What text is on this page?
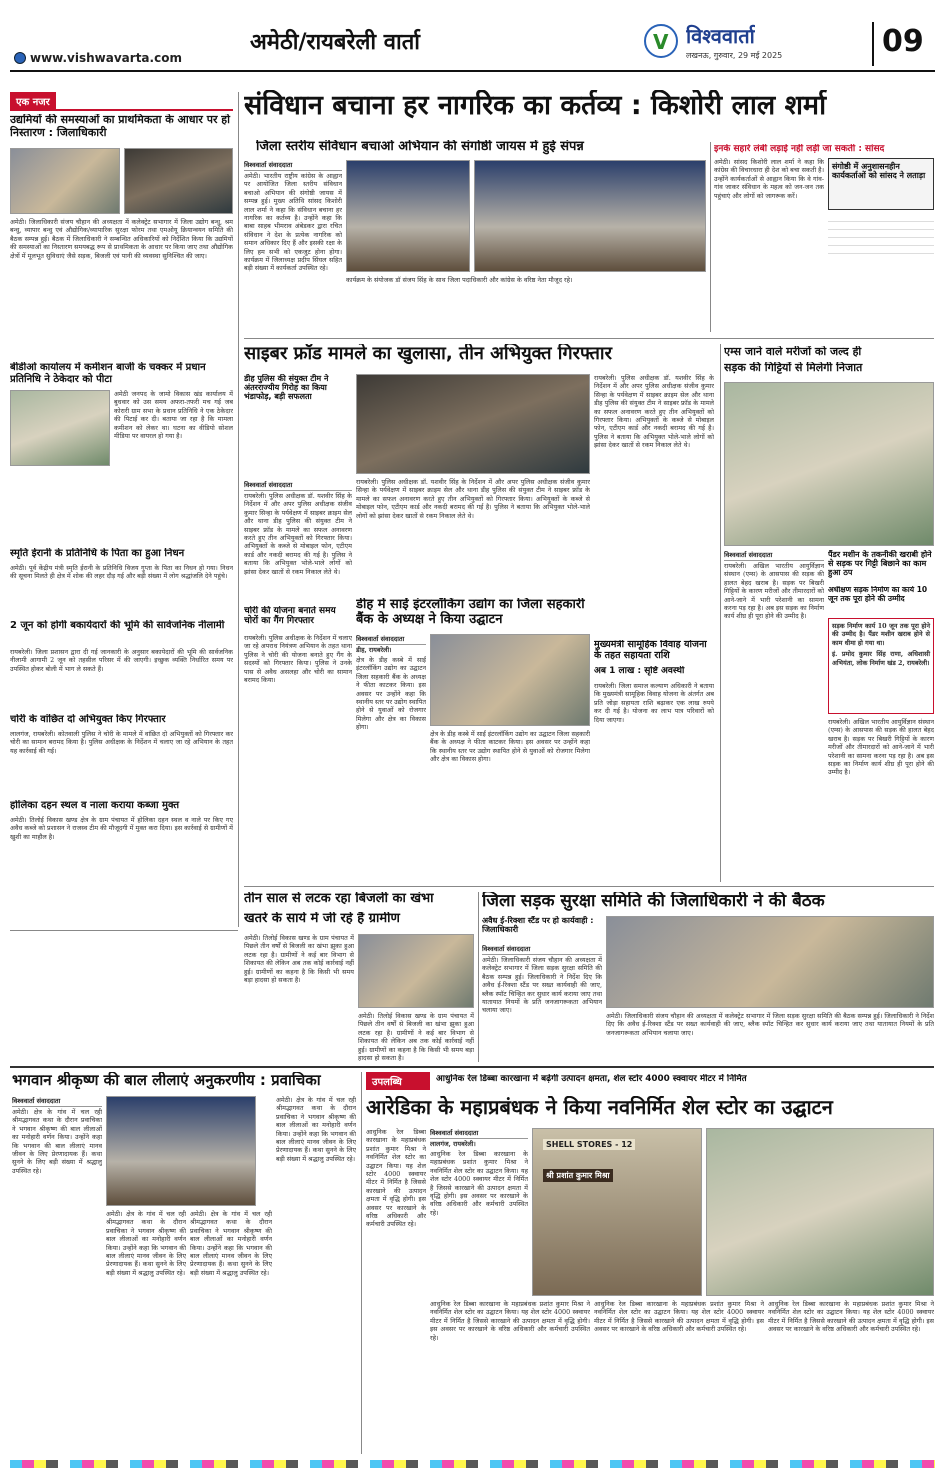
अमेठी/रायबरेली वार्ता
www.vishwavarta.com
V विश्ववार्ता
लखनऊ, गुरुवार, 29 मई 2025	09
एक नजर
उद्यमियों की समस्याओं का प्राथमिकता के आधार पर हो निस्तारण : जिलाधिकारी
अमेठी। जिलाधिकारी संजय चौहान की अध्यक्षता में कलेक्ट्रेट सभागार में जिला उद्योग बन्धु, श्रम बन्धु, व्यापार बन्धु एवं औद्योगिक/व्यापारिक सुरक्षा फोरम तथा एमओयू क्रियान्वयन समिति की बैठक सम्पन्न हुई। बैठक में जिलाधिकारी ने सम्बन्धित अधिकारियों को निर्देशित किया कि उद्यमियों की समस्याओं का निस्तारण समयबद्ध रूप से प्राथमिकता के आधार पर किया जाए तथा औद्योगिक क्षेत्रों में मूलभूत सुविधाएं जैसे सड़क, बिजली एवं पानी की व्यवस्था सुनिश्चित की जाए।
बीडीओ कार्यालय में कमीशन बाजी के चक्कर में प्रधान प्रतिनिधि ने ठेकेदार को पीटा
अमेठी जनपद के जामो विकास खंड कार्यालय में बुधवार को उस समय अफरा-तफरी मच गई जब कोरारी ग्राम सभा के प्रधान प्रतिनिधि ने एक ठेकेदार की पिटाई कर दी। बताया जा रहा है कि मामला कमीशन को लेकर था। घटना का वीडियो सोशल मीडिया पर वायरल हो गया है।
स्मृति ईरानी के प्रतिनिधि के पिता का हुआ निधन
अमेठी। पूर्व केंद्रीय मंत्री स्मृति ईरानी के प्रतिनिधि विजय गुप्ता के पिता का निधन हो गया। निधन की सूचना मिलते ही क्षेत्र में शोक की लहर दौड़ गई और बड़ी संख्या में लोग श्रद्धांजलि देने पहुंचे।
2 जून को होगी बकायेदारों की भूमि की सार्वजनिक नीलामी
रायबरेली। जिला प्रशासन द्वारा दी गई जानकारी के अनुसार बकायेदारों की भूमि की सार्वजनिक नीलामी आगामी 2 जून को तहसील परिसर में की जाएगी। इच्छुक व्यक्ति निर्धारित समय पर उपस्थित होकर बोली में भाग ले सकते हैं।
चोरी के वांछित दो अभियुक्त किए गिरफ्तार
लालगंज, रायबरेली। कोतवाली पुलिस ने चोरी के मामले में वांछित दो अभियुक्तों को गिरफ्तार कर चोरी का सामान बरामद किया है। पुलिस अधीक्षक के निर्देशन में चलाए जा रहे अभियान के तहत यह कार्रवाई की गई।
होलिका दहन स्थल व नाला कराया कब्जा मुक्त
अमेठी। तिलोई विकास खण्ड क्षेत्र के ग्राम पंचायत में होलिका दहन स्थल व नाले पर किए गए अवैध कब्जे को प्रशासन ने राजस्व टीम की मौजूदगी में मुक्त करा दिया। इस कार्रवाई से ग्रामीणों में खुशी का माहौल है।
संविधान बचाना हर नागरिक का कर्तव्य : किशोरी लाल शर्मा
जिला स्तरीय संविधान बचाओ अभियान की संगोष्ठी जायस में हुई संपन्न
विश्ववार्ता संवाददाता
अमेठी। भारतीय राष्ट्रीय कांग्रेस के आह्वान पर आयोजित जिला स्तरीय संविधान बचाओ अभियान की संगोष्ठी जायस में सम्पन्न हुई। मुख्य अतिथि सांसद किशोरी लाल शर्मा ने कहा कि संविधान बचाना हर नागरिक का कर्तव्य है। उन्होंने कहा कि बाबा साहब भीमराव अंबेडकर द्वारा रचित संविधान ने देश के प्रत्येक नागरिक को समान अधिकार दिए हैं और इसकी रक्षा के लिए हम सभी को एकजुट होना होगा। कार्यक्रम में जिलाध्यक्ष प्रदीप सिंघल सहित बड़ी संख्या में कार्यकर्ता उपस्थित रहे।
कार्यक्रम के संयोजक डॉ संजय सिंह के साथ जिला पदाधिकारी और कांग्रेस के वरिष्ठ नेता मौजूद रहे।
इनके सहारे लंबी लड़ाई नहीं लड़ी जा सकती : सांसद
अमेठी। सांसद किशोरी लाल शर्मा ने कहा कि कांग्रेस की विचारधारा ही देश को बचा सकती है। उन्होंने कार्यकर्ताओं से आह्वान किया कि वे गांव-गांव जाकर संविधान के महत्व को जन-जन तक पहुंचाएं और लोगों को जागरूक करें।
संगोष्ठी में अनुशासनहीन कार्यकर्ताओं को सांसद ने लताड़ा
साइबर फ्रॉड मामले का खुलासा, तीन अभियुक्त गिरफ्तार
डीह पुलिस की संयुक्त टीम ने अंतरराज्यीय गिरोह का किया भंडाफोड़, बड़ी सफलता
रायबरेली। पुलिस अधीक्षक डॉ. यशवीर सिंह के निर्देशन में और अपर पुलिस अधीक्षक संजीव कुमार सिन्हा के पर्यवेक्षण में साइबर क्राइम सेल और थाना डीह पुलिस की संयुक्त टीम ने साइबर फ्रॉड के मामले का सफल अनावरण करते हुए तीन अभियुक्तों को गिरफ्तार किया। अभियुक्तों के कब्जे से मोबाइल फोन, एटीएम कार्ड और नकदी बरामद की गई है। पुलिस ने बताया कि अभियुक्त भोले-भाले लोगों को झांसा देकर खातों से रकम निकाल लेते थे।
विश्ववार्ता संवाददाता
रायबरेली। पुलिस अधीक्षक डॉ. यशवीर सिंह के निर्देशन में और अपर पुलिस अधीक्षक संजीव कुमार सिन्हा के पर्यवेक्षण में साइबर क्राइम सेल और थाना डीह पुलिस की संयुक्त टीम ने साइबर फ्रॉड के मामले का सफल अनावरण करते हुए तीन अभियुक्तों को गिरफ्तार किया। अभियुक्तों के कब्जे से मोबाइल फोन, एटीएम कार्ड और नकदी बरामद की गई है। पुलिस ने बताया कि अभियुक्त भोले-भाले लोगों को झांसा देकर खातों से रकम निकाल लेते थे।
रायबरेली। पुलिस अधीक्षक डॉ. यशवीर सिंह के निर्देशन में और अपर पुलिस अधीक्षक संजीव कुमार सिन्हा के पर्यवेक्षण में साइबर क्राइम सेल और थाना डीह पुलिस की संयुक्त टीम ने साइबर फ्रॉड के मामले का सफल अनावरण करते हुए तीन अभियुक्तों को गिरफ्तार किया। अभियुक्तों के कब्जे से मोबाइल फोन, एटीएम कार्ड और नकदी बरामद की गई है। पुलिस ने बताया कि अभियुक्त भोले-भाले लोगों को झांसा देकर खातों से रकम निकाल लेते थे।
चोरी की योजना बनाते समय चोरों का गैंग गिरफ्तार
रायबरेली। पुलिस अधीक्षक के निर्देशन में चलाए जा रहे अपराध नियंत्रण अभियान के तहत थाना पुलिस ने चोरी की योजना बनाते हुए गैंग के सदस्यों को गिरफ्तार किया। पुलिस ने उनके पास से अवैध असलहा और चोरी का सामान बरामद किया।
डीह में साईं इंटरलॉकिंग उद्योग का जिला सहकारी बैंक के अध्यक्ष ने किया उद्घाटन
विश्ववार्ता संवाददाता
डीह, रायबरेली।
क्षेत्र के डीह कस्बे में साईं इंटरलॉकिंग उद्योग का उद्घाटन जिला सहकारी बैंक के अध्यक्ष ने फीता काटकर किया। इस अवसर पर उन्होंने कहा कि स्थानीय स्तर पर उद्योग स्थापित होने से युवाओं को रोजगार मिलेगा और क्षेत्र का विकास होगा।
क्षेत्र के डीह कस्बे में साईं इंटरलॉकिंग उद्योग का उद्घाटन जिला सहकारी बैंक के अध्यक्ष ने फीता काटकर किया। इस अवसर पर उन्होंने कहा कि स्थानीय स्तर पर उद्योग स्थापित होने से युवाओं को रोजगार मिलेगा और क्षेत्र का विकास होगा।
मुख्यमंत्री सामूहिक विवाह योजना के तहत सहायता राशि
अब 1 लाख : सृष्टि अवस्थी
रायबरेली। जिला समाज कल्याण अधिकारी ने बताया कि मुख्यमंत्री सामूहिक विवाह योजना के अंतर्गत अब प्रति जोड़ा सहायता राशि बढ़ाकर एक लाख रुपये कर दी गई है। योजना का लाभ पात्र परिवारों को दिया जाएगा।
एम्स जाने वाले मरीजों को जल्द ही
सड़क की गिट्टियों से मिलेगी निजात
विश्ववार्ता संवाददाता
रायबरेली। अखिल भारतीय आयुर्विज्ञान संस्थान (एम्स) के आसपास की सड़क की हालत बेहद खराब है। सड़क पर बिखरी गिट्टियों के कारण मरीजों और तीमारदारों को आने-जाने में भारी परेशानी का सामना करना पड़ रहा है। अब इस सड़क का निर्माण कार्य शीघ्र ही पूरा होने की उम्मीद है।
पैंडर मशीन के तकनीकी खराबी होने से सड़क पर गिट्टी बिछाने का काम हुआ ठप
अधीक्षण सड़क निर्माण का कार्य 10 जून तक पूरा होने की उम्मीद
सड़क निर्माण कार्य 10 जून तक पूरा होने की उम्मीद है। पैंडर मशीन खराब होने से काम धीमा हो गया था।
इं. प्रमोद कुमार सिंह राणा, अधिशासी अभियंता, लोक निर्माण खंड 2, रायबरेली।
रायबरेली। अखिल भारतीय आयुर्विज्ञान संस्थान (एम्स) के आसपास की सड़क की हालत बेहद खराब है। सड़क पर बिखरी गिट्टियों के कारण मरीजों और तीमारदारों को आने-जाने में भारी परेशानी का सामना करना पड़ रहा है। अब इस सड़क का निर्माण कार्य शीघ्र ही पूरा होने की उम्मीद है।
तीन साल से लटक रहा बिजली का खंभा
खतरे के साये में जी रहे हैं ग्रामीण
अमेठी। तिलोई विकास खण्ड के ग्राम पंचायत में पिछले तीन वर्षों से बिजली का खंभा झुका हुआ लटक रहा है। ग्रामीणों ने कई बार विभाग से शिकायत की लेकिन अब तक कोई कार्रवाई नहीं हुई। ग्रामीणों का कहना है कि किसी भी समय बड़ा हादसा हो सकता है।
अमेठी। तिलोई विकास खण्ड के ग्राम पंचायत में पिछले तीन वर्षों से बिजली का खंभा झुका हुआ लटक रहा है। ग्रामीणों ने कई बार विभाग से शिकायत की लेकिन अब तक कोई कार्रवाई नहीं हुई। ग्रामीणों का कहना है कि किसी भी समय बड़ा हादसा हो सकता है।
जिला सड़क सुरक्षा समिति की जिलाधिकारी ने की बैठक
अवैध ई-रिक्शा स्टैंड पर हो कार्यवाही : जिलाधिकारी
विश्ववार्ता संवाददाता
अमेठी। जिलाधिकारी संजय चौहान की अध्यक्षता में कलेक्ट्रेट सभागार में जिला सड़क सुरक्षा समिति की बैठक सम्पन्न हुई। जिलाधिकारी ने निर्देश दिए कि अवैध ई-रिक्शा स्टैंड पर सख्त कार्यवाही की जाए, ब्लैक स्पॉट चिन्हित कर सुधार कार्य कराया जाए तथा यातायात नियमों के प्रति जनजागरूकता अभियान चलाया जाए।
अमेठी। जिलाधिकारी संजय चौहान की अध्यक्षता में कलेक्ट्रेट सभागार में जिला सड़क सुरक्षा समिति की बैठक सम्पन्न हुई। जिलाधिकारी ने निर्देश दिए कि अवैध ई-रिक्शा स्टैंड पर सख्त कार्यवाही की जाए, ब्लैक स्पॉट चिन्हित कर सुधार कार्य कराया जाए तथा यातायात नियमों के प्रति जनजागरूकता अभियान चलाया जाए।
भगवान श्रीकृष्ण की बाल लीलाएं अनुकरणीय : प्रवाचिका
विश्ववार्ता संवाददाता
अमेठी। क्षेत्र के गांव में चल रही श्रीमद्भागवत कथा के दौरान प्रवाचिका ने भगवान श्रीकृष्ण की बाल लीलाओं का मनोहारी वर्णन किया। उन्होंने कहा कि भगवान की बाल लीलाएं मानव जीवन के लिए प्रेरणादायक हैं। कथा सुनने के लिए बड़ी संख्या में श्रद्धालु उपस्थित रहे।
अमेठी। क्षेत्र के गांव में चल रही श्रीमद्भागवत कथा के दौरान प्रवाचिका ने भगवान श्रीकृष्ण की बाल लीलाओं का मनोहारी वर्णन किया। उन्होंने कहा कि भगवान की बाल लीलाएं मानव जीवन के लिए प्रेरणादायक हैं। कथा सुनने के लिए बड़ी संख्या में श्रद्धालु उपस्थित रहे।
अमेठी। क्षेत्र के गांव में चल रही श्रीमद्भागवत कथा के दौरान प्रवाचिका ने भगवान श्रीकृष्ण की बाल लीलाओं का मनोहारी वर्णन किया। उन्होंने कहा कि भगवान की बाल लीलाएं मानव जीवन के लिए प्रेरणादायक हैं। कथा सुनने के लिए बड़ी संख्या में श्रद्धालु उपस्थित रहे।
अमेठी। क्षेत्र के गांव में चल रही श्रीमद्भागवत कथा के दौरान प्रवाचिका ने भगवान श्रीकृष्ण की बाल लीलाओं का मनोहारी वर्णन किया। उन्होंने कहा कि भगवान की बाल लीलाएं मानव जीवन के लिए प्रेरणादायक हैं। कथा सुनने के लिए बड़ी संख्या में श्रद्धालु उपस्थित रहे।
उपलब्धि	आधुनिक रेल डिब्बा कारखाना में बढ़ेगी उत्पादन क्षमता, शेल स्टोर 4000 स्क्वायर मीटर में निर्मित
आरेडिका के महाप्रबंधक ने किया नवनिर्मित शेल स्टोर का उद्घाटन
आधुनिक रेल डिब्बा कारखाना के महाप्रबंधक प्रशांत कुमार मिश्रा ने नवनिर्मित शेल स्टोर का उद्घाटन किया। यह शेल स्टोर 4000 स्क्वायर मीटर में निर्मित है जिससे कारखाने की उत्पादन क्षमता में वृद्धि होगी। इस अवसर पर कारखाने के वरिष्ठ अधिकारी और कर्मचारी उपस्थित रहे।
विश्ववार्ता संवाददाता
लालगंज, रायबरेली।
आधुनिक रेल डिब्बा कारखाना के महाप्रबंधक प्रशांत कुमार मिश्रा ने नवनिर्मित शेल स्टोर का उद्घाटन किया। यह शेल स्टोर 4000 स्क्वायर मीटर में निर्मित है जिससे कारखाने की उत्पादन क्षमता में वृद्धि होगी। इस अवसर पर कारखाने के वरिष्ठ अधिकारी और कर्मचारी उपस्थित रहे।
SHELL STORES - 12
श्री प्रशांत कुमार मिश्रा
आधुनिक रेल डिब्बा कारखाना के महाप्रबंधक प्रशांत कुमार मिश्रा ने नवनिर्मित शेल स्टोर का उद्घाटन किया। यह शेल स्टोर 4000 स्क्वायर मीटर में निर्मित है जिससे कारखाने की उत्पादन क्षमता में वृद्धि होगी। इस अवसर पर कारखाने के वरिष्ठ अधिकारी और कर्मचारी उपस्थित रहे।
आधुनिक रेल डिब्बा कारखाना के महाप्रबंधक प्रशांत कुमार मिश्रा ने नवनिर्मित शेल स्टोर का उद्घाटन किया। यह शेल स्टोर 4000 स्क्वायर मीटर में निर्मित है जिससे कारखाने की उत्पादन क्षमता में वृद्धि होगी। इस अवसर पर कारखाने के वरिष्ठ अधिकारी और कर्मचारी उपस्थित रहे।
आधुनिक रेल डिब्बा कारखाना के महाप्रबंधक प्रशांत कुमार मिश्रा ने नवनिर्मित शेल स्टोर का उद्घाटन किया। यह शेल स्टोर 4000 स्क्वायर मीटर में निर्मित है जिससे कारखाने की उत्पादन क्षमता में वृद्धि होगी। इस अवसर पर कारखाने के वरिष्ठ अधिकारी और कर्मचारी उपस्थित रहे।
